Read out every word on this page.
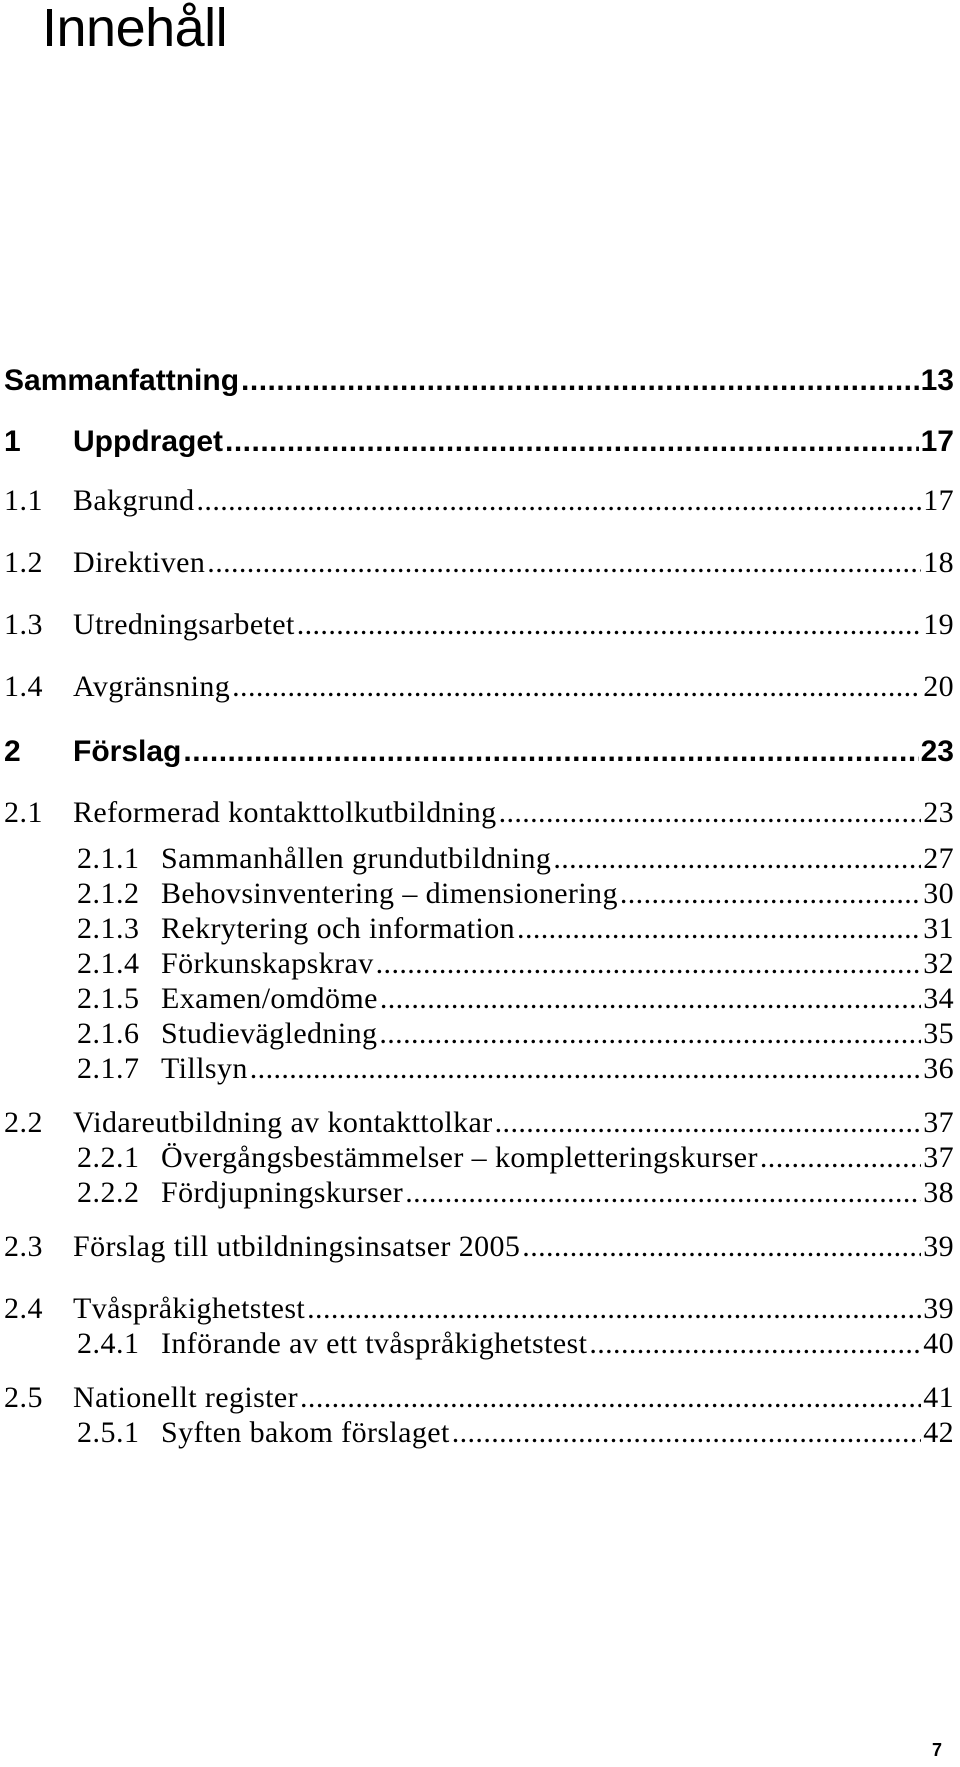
Innehåll
Sammanfattning .....	13
1	Uppdraget .....	17
1.1	Bakgrund .....	17
1.2	Direktiven .....	18
1.3	Utredningsarbetet .....	19
1.4	Avgränsning .....	20
2	Förslag .....	23
2.1	Reformerad kontakttolkutbildning .....	23
2.1.1 Sammanhållen grundutbildning .....	27
2.1.2 Behovsinventering – dimensionering .....	30
2.1.3 Rekrytering och information .....	31
2.1.4 Förkunskapskrav .....	32
2.1.5 Examen/omdöme .....	34
2.1.6 Studievägledning .....	35
2.1.7 Tillsyn .....	36
2.2	Vidareutbildning av kontakttolkar .....	37
2.2.1 Övergångsbestämmelser – kompletteringskurser .....	37
2.2.2 Fördjupningskurser .....	38
2.3	Förslag till utbildningsinsatser 2005 .....	39
2.4	Tvåspråkighetstest .....	39
2.4.1 Införande av ett tvåspråkighetstest .....	40
2.5	Nationellt register .....	41
2.5.1 Syften bakom förslaget .....	42
7
